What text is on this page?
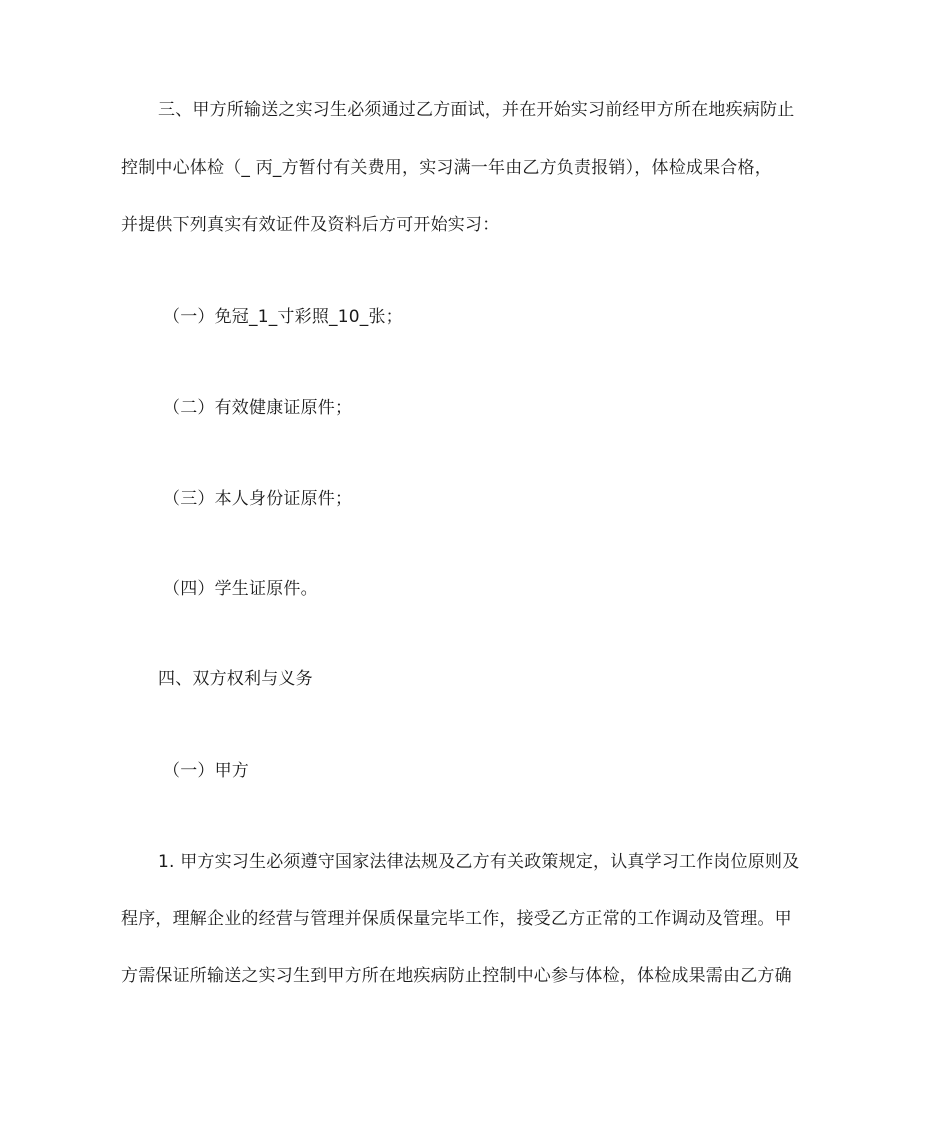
三、甲方所输送之实习生必须通过乙方面试，并在开始实习前经甲方所在地疾病防止
控制中心体检（_ 丙_方暂付有关费用，实习满一年由乙方负责报销），体检成果合格，
并提供下列真实有效证件及资料后方可开始实习：
（一）免冠_1_寸彩照_10_张；
（二）有效健康证原件；
（三）本人身份证原件；
（四）学生证原件。
四、双方权利与义务
（一）甲方
1. 甲方实习生必须遵守国家法律法规及乙方有关政策规定，认真学习工作岗位原则及
程序，理解企业的经营与管理并保质保量完毕工作，接受乙方正常的工作调动及管理。甲
方需保证所输送之实习生到甲方所在地疾病防止控制中心参与体检，体检成果需由乙方确
